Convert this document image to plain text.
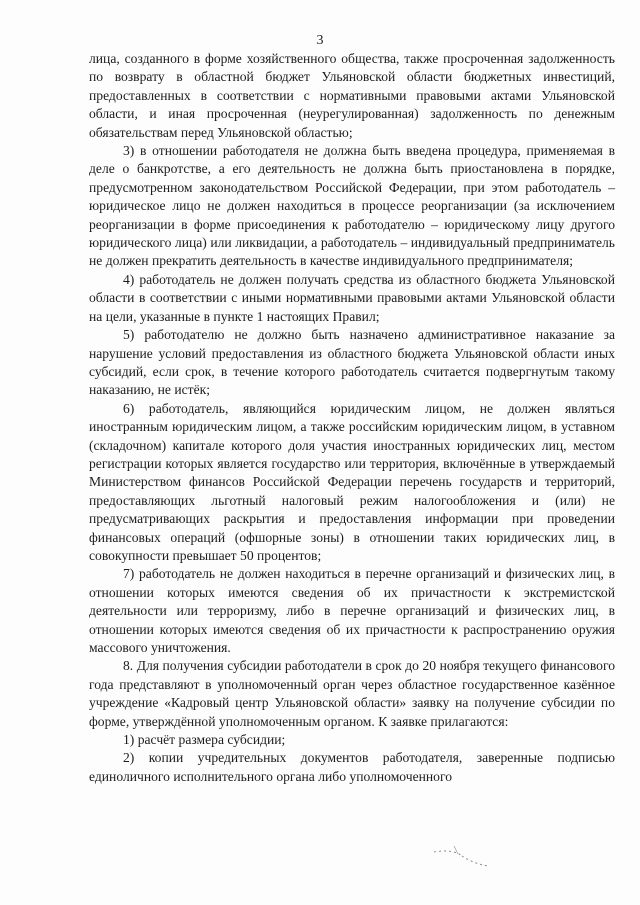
3

лица, созданного в форме хозяйственного общества, также просроченная задолженность по возврату в областной бюджет Ульяновской области бюджетных инвестиций, предоставленных в соответствии с нормативными правовыми актами Ульяновской области, и иная просроченная (неурегулированная) задолженность по денежным обязательствам перед Ульяновской областью;

3) в отношении работодателя не должна быть введена процедура, применяемая в деле о банкротстве, а его деятельность не должна быть приостановлена в порядке, предусмотренном законодательством Российской Федерации, при этом работодатель – юридическое лицо не должен находиться в процессе реорганизации (за исключением реорганизации в форме присоединения к работодателю – юридическому лицу другого юридического лица) или ликвидации, а работодатель – индивидуальный предприниматель не должен прекратить деятельность в качестве индивидуального предпринимателя;

4) работодатель не должен получать средства из областного бюджета Ульяновской области в соответствии с иными нормативными правовыми актами Ульяновской области на цели, указанные в пункте 1 настоящих Правил;

5) работодателю не должно быть назначено административное наказание за нарушение условий предоставления из областного бюджета Ульяновской области иных субсидий, если срок, в течение которого работодатель считается подвергнутым такому наказанию, не истёк;

6) работодатель, являющийся юридическим лицом, не должен являться иностранным юридическим лицом, а также российским юридическим лицом, в уставном (складочном) капитале которого доля участия иностранных юридических лиц, местом регистрации которых является государство или территория, включённые в утверждаемый Министерством финансов Российской Федерации перечень государств и территорий, предоставляющих льготный налоговый режим налогообложения и (или) не предусматривающих раскрытия и предоставления информации при проведении финансовых операций (офшорные зоны) в отношении таких юридических лиц, в совокупности превышает 50 процентов;

7) работодатель не должен находиться в перечне организаций и физических лиц, в отношении которых имеются сведения об их причастности к экстремистской деятельности или терроризму, либо в перечне организаций и физических лиц, в отношении которых имеются сведения об их причастности к распространению оружия массового уничтожения.

8. Для получения субсидии работодатели в срок до 20 ноября текущего финансового года представляют в уполномоченный орган через областное государственное казённое учреждение «Кадровый центр Ульяновской области» заявку на получение субсидии по форме, утверждённой уполномоченным органом. К заявке прилагаются:

1) расчёт размера субсидии;

2) копии учредительных документов работодателя, заверенные подписью единоличного исполнительного органа либо уполномоченного
